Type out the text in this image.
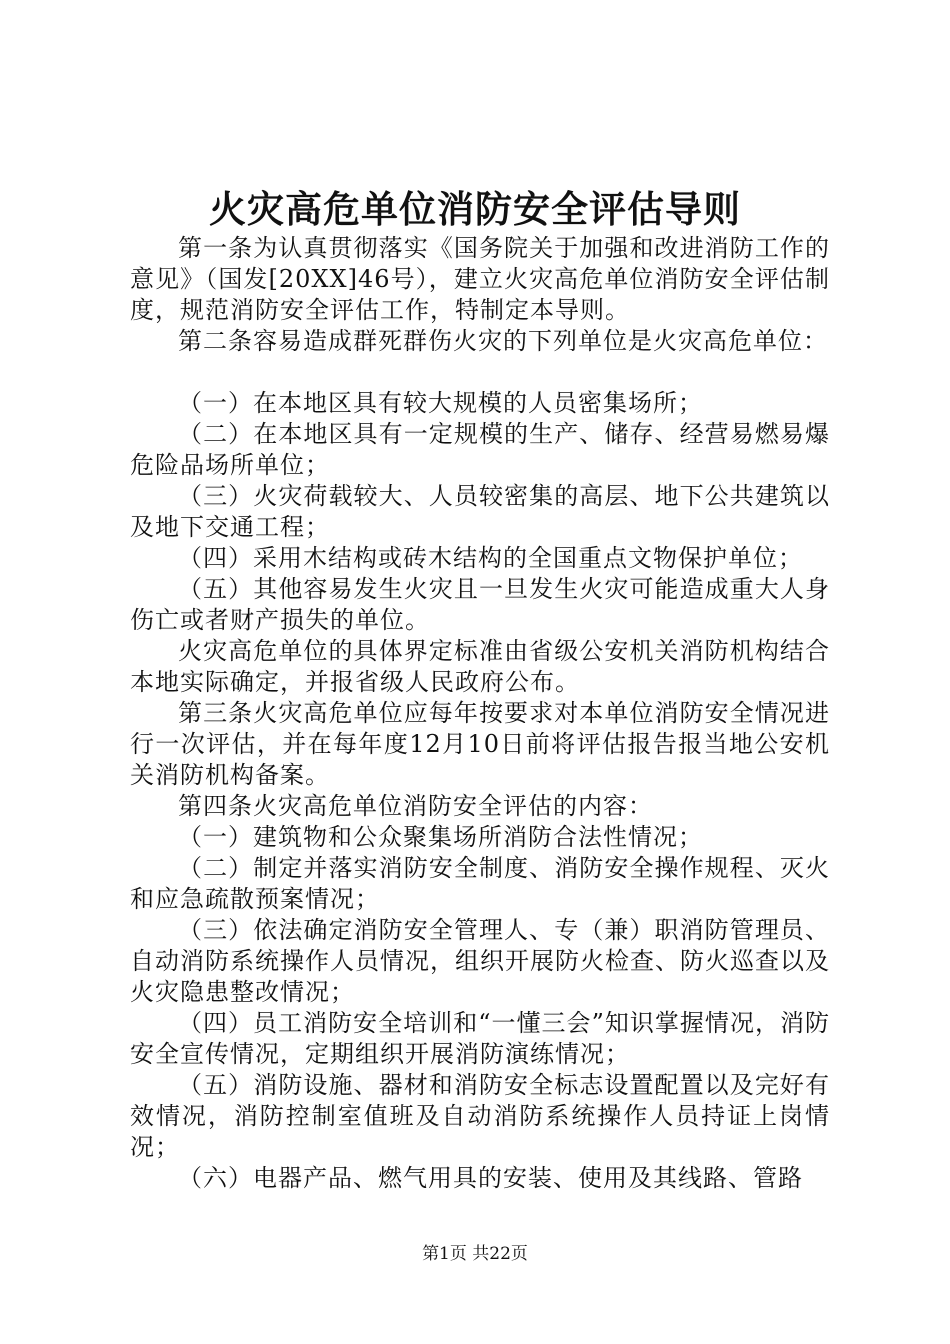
火灾高危单位消防安全评估导则

第一条为认真贯彻落实《国务院关于加强和改进消防工作的意见》（国发[20XX]46号），建立火灾高危单位消防安全评估制度，规范消防安全评估工作，特制定本导则。

第二条容易造成群死群伤火灾的下列单位是火灾高危单位：

（一）在本地区具有较大规模的人员密集场所；

（二）在本地区具有一定规模的生产、储存、经营易燃易爆危险品场所单位；

（三）火灾荷载较大、人员较密集的高层、地下公共建筑以及地下交通工程；

（四）采用木结构或砖木结构的全国重点文物保护单位；

（五）其他容易发生火灾且一旦发生火灾可能造成重大人身伤亡或者财产损失的单位。

火灾高危单位的具体界定标准由省级公安机关消防机构结合本地实际确定，并报省级人民政府公布。

第三条火灾高危单位应每年按要求对本单位消防安全情况进行一次评估，并在每年度12月10日前将评估报告报当地公安机关消防机构备案。

第四条火灾高危单位消防安全评估的内容：

（一）建筑物和公众聚集场所消防合法性情况；

（二）制定并落实消防安全制度、消防安全操作规程、灭火和应急疏散预案情况；

（三）依法确定消防安全管理人、专（兼）职消防管理员、自动消防系统操作人员情况，组织开展防火检查、防火巡查以及火灾隐患整改情况；

（四）员工消防安全培训和“一懂三会”知识掌握情况，消防安全宣传情况，定期组织开展消防演练情况；

（五）消防设施、器材和消防安全标志设置配置以及完好有效情况，消防控制室值班及自动消防系统操作人员持证上岗情况；

（六）电器产品、燃气用具的安装、使用及其线路、管路

第1页 共22页
